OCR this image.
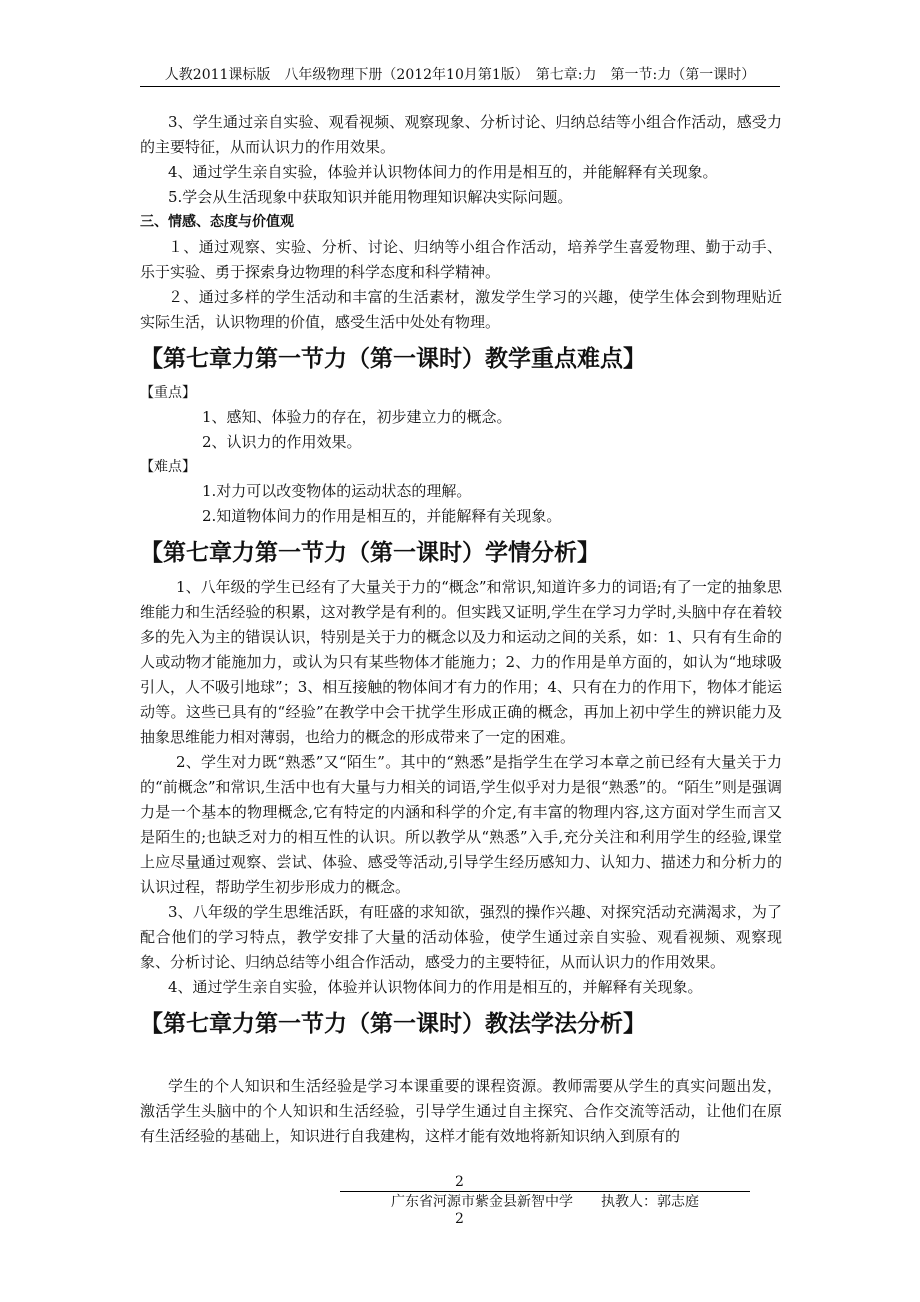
人教2011课标版　八年级物理下册（2012年10月第1版）　第七章:力　第一节:力（第一课时）

3、学生通过亲自实验、观看视频、观察现象、分析讨论、归纳总结等小组合作活动，感受力的主要特征，从而认识力的作用效果。

4、通过学生亲自实验，体验并认识物体间力的作用是相互的，并能解释有关现象。

5.学会从生活现象中获取知识并能用物理知识解决实际问题。

三、情感、态度与价值观

１、通过观察、实验、分析、讨论、归纳等小组合作活动，培养学生喜爱物理、勤于动手、乐于实验、勇于探索身边物理的科学态度和科学精神。

２、通过多样的学生活动和丰富的生活素材，激发学生学习的兴趣，使学生体会到物理贴近实际生活，认识物理的价值，感受生活中处处有物理。

【第七章力第一节力（第一课时）教学重点难点】
【重点】
1、感知、体验力的存在，初步建立力的概念。
2、认识力的作用效果。
【难点】
1.对力可以改变物体的运动状态的理解。
2.知道物体间力的作用是相互的，并能解释有关现象。
【第七章力第一节力（第一课时）学情分析】

1、八年级的学生已经有了大量关于力的“概念”和常识,知道许多力的词语;有了一定的抽象思维能力和生活经验的积累，这对教学是有利的。但实践又证明,学生在学习力学时,头脑中存在着较多的先入为主的错误认识，特别是关于力的概念以及力和运动之间的关系，如：1、只有有生命的人或动物才能施加力，或认为只有某些物体才能施力；2、力的作用是单方面的，如认为“地球吸引人，人不吸引地球”；3、相互接触的物体间才有力的作用；4、只有在力的作用下，物体才能运动等。这些已具有的“经验”在教学中会干扰学生形成正确的概念，再加上初中学生的辨识能力及抽象思维能力相对薄弱，也给力的概念的形成带来了一定的困难。

2、学生对力既“熟悉”又“陌生”。其中的“熟悉”是指学生在学习本章之前已经有大量关于力的“前概念”和常识,生活中也有大量与力相关的词语,学生似乎对力是很“熟悉”的。“陌生”则是强调力是一个基本的物理概念,它有特定的内涵和科学的介定,有丰富的物理内容,这方面对学生而言又是陌生的;也缺乏对力的相互性的认识。所以教学从“熟悉”入手,充分关注和利用学生的经验,课堂上应尽量通过观察、尝试、体验、感受等活动,引导学生经历感知力、认知力、描述力和分析力的认识过程，帮助学生初步形成力的概念。

3、八年级的学生思维活跃，有旺盛的求知欲，强烈的操作兴趣、对探究活动充满渴求，为了配合他们的学习特点，教学安排了大量的活动体验，使学生通过亲自实验、观看视频、观察现象、分析讨论、归纳总结等小组合作活动，感受力的主要特征，从而认识力的作用效果。

4、通过学生亲自实验，体验并认识物体间力的作用是相互的，并解释有关现象。

【第七章力第一节力（第一课时）教法学法分析】

学生的个人知识和生活经验是学习本课重要的课程资源。教师需要从学生的真实问题出发，激活学生头脑中的个人知识和生活经验，引导学生通过自主探究、合作交流等活动，让他们在原有生活经验的基础上，知识进行自我建构，这样才能有效地将新知识纳入到原有的

2
广东省河源市紫金县新智中学　　执教人：郭志庭
2
